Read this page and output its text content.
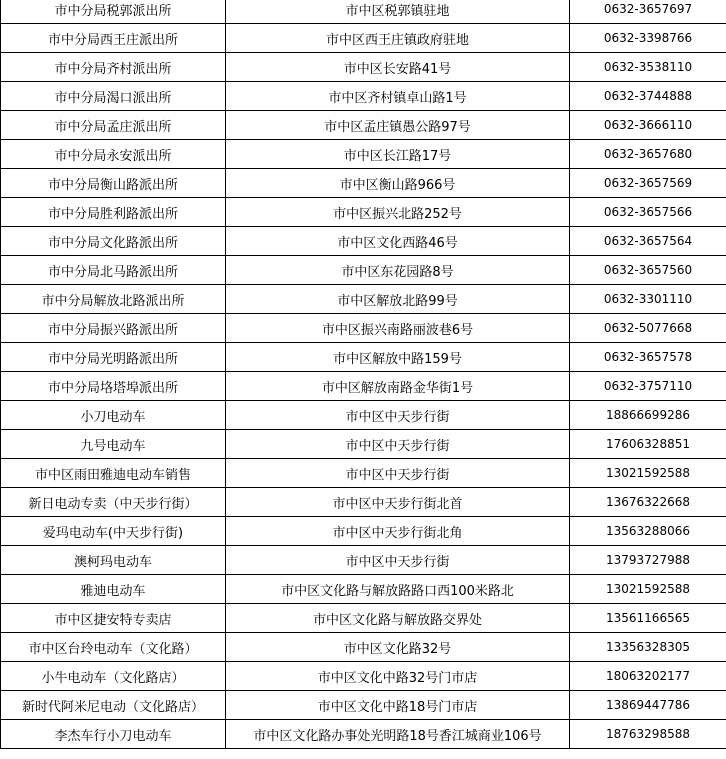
市中分局税郭派出所	市中区税郭镇驻地	0632-3657697
市中分局西王庄派出所	市中区西王庄镇政府驻地	0632-3398766
市中分局齐村派出所	市中区长安路41号	0632-3538110
市中分局渴口派出所	市中区齐村镇卓山路1号	0632-3744888
市中分局孟庄派出所	市中区孟庄镇愚公路97号	0632-3666110
市中分局永安派出所	市中区长江路17号	0632-3657680
市中分局衡山路派出所	市中区衡山路966号	0632-3657569
市中分局胜利路派出所	市中区振兴北路252号	0632-3657566
市中分局文化路派出所	市中区文化西路46号	0632-3657564
市中分局北马路派出所	市中区东花园路8号	0632-3657560
市中分局解放北路派出所	市中区解放北路99号	0632-3301110
市中分局振兴路派出所	市中区振兴南路丽波巷6号	0632-5077668
市中分局光明路派出所	市中区解放中路159号	0632-3657578
市中分局垎塔埠派出所	市中区解放南路金华街1号	0632-3757110
小刀电动车	市中区中天步行街	18866699286
九号电动车	市中区中天步行街	17606328851
市中区雨田雅迪电动车销售	市中区中天步行街	13021592588
新日电动专卖（中天步行街）	市中区中天步行街北首	13676322668
爱玛电动车(中天步行街)	市中区中天步行街北角	13563288066
澳柯玛电动车	市中区中天步行街	13793727988
雅迪电动车	市中区文化路与解放路路口西100米路北	13021592588
市中区捷安特专卖店	市中区文化路与解放路交界处	13561166565
市中区台玲电动车（文化路）	市中区文化路32号	13356328305
小牛电动车（文化路店）	市中区文化中路32号门市店	18063202177
新时代阿米尼电动（文化路店）	市中区文化中路18号门市店	13869447786
李杰车行小刀电动车	市中区文化路办事处光明路18号香江城商业106号	18763298588
